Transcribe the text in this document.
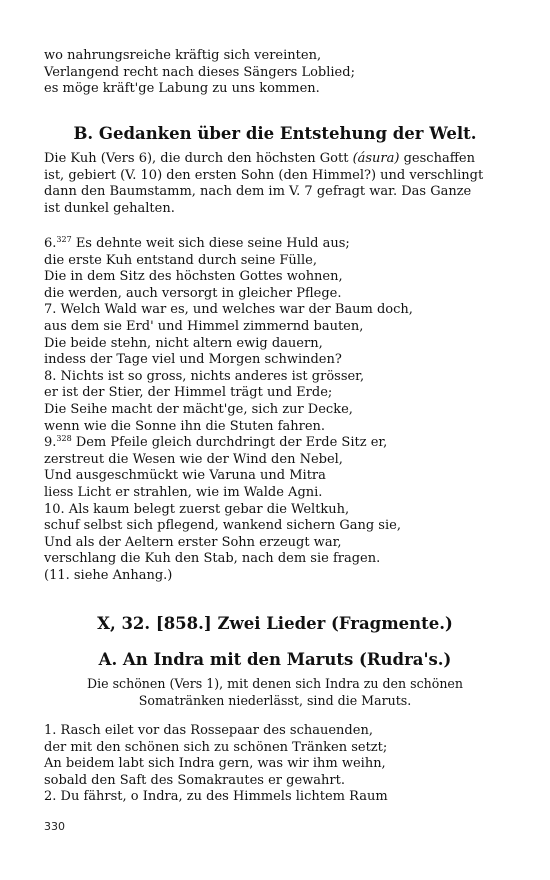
wo nahrungsreiche kräftig sich vereinten,
Verlangend recht nach dieses Sängers Loblied;
es möge kräft'ge Labung zu uns kommen.
B. Gedanken über die Entstehung der Welt.
Die Kuh (Vers 6), die durch den höchsten Gott (ásura) geschaffen
ist, gebiert (V. 10) den ersten Sohn (den Himmel?) und verschlingt
dann den Baumstamm, nach dem im V. 7 gefragt war. Das Ganze
ist dunkel gehalten.
6.$^{327}$ Es dehnte weit sich diese seine Huld aus;
die erste Kuh entstand durch seine Fülle,
Die in dem Sitz des höchsten Gottes wohnen,
die werden, auch versorgt in gleicher Pflege.
7. Welch Wald war es, und welches war der Baum doch,
aus dem sie Erd' und Himmel zimmernd bauten,
Die beide stehn, nicht altern ewig dauern,
indess der Tage viel und Morgen schwinden?
8. Nichts ist so gross, nichts anderes ist grösser,
er ist der Stier, der Himmel trägt und Erde;
Die Seihe macht der mächt'ge, sich zur Decke,
wenn wie die Sonne ihn die Stuten fahren.
9.$^{328}$ Dem Pfeile gleich durchdringt der Erde Sitz er,
zerstreut die Wesen wie der Wind den Nebel,
Und ausgeschmückt wie Varuna und Mitra
liess Licht er strahlen, wie im Walde Agni.
10. Als kaum belegt zuerst gebar die Weltkuh,
schuf selbst sich pflegend, wankend sichern Gang sie,
Und als der Aeltern erster Sohn erzeugt war,
verschlang die Kuh den Stab, nach dem sie fragen.
(11. siehe Anhang.)
X, 32. [858.] Zwei Lieder (Fragmente.)
A. An Indra mit den Maruts (Rudra's.)
Die schönen (Vers 1), mit denen sich Indra zu den schönen
Somatränken niederlässt, sind die Maruts.
1. Rasch eilet vor das Rossepaar des schauenden,
der mit den schönen sich zu schönen Tränken setzt;
An beidem labt sich Indra gern, was wir ihm weihn,
sobald den Saft des Somakrautes er gewahrt.
2. Du fährst, o Indra, zu des Himmels lichtem Raum
330
